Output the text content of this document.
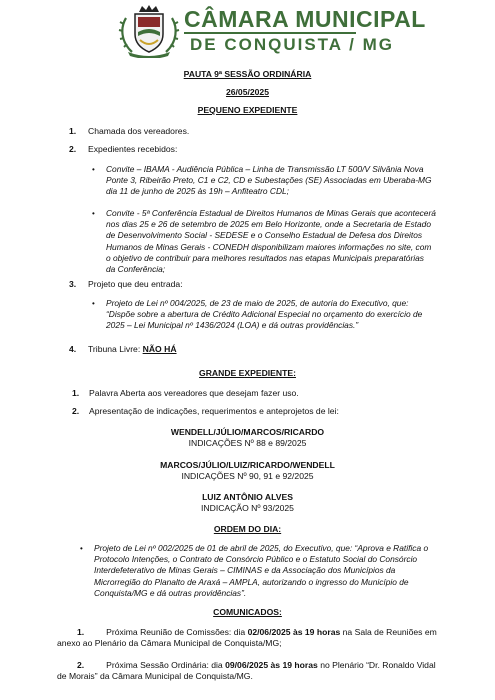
CÂMARA MUNICIPAL
DE CONQUISTA / MG
PAUTA 9ª SESSÃO ORDINÁRIA
26/05/2025
PEQUENO EXPEDIENTE
1. Chamada dos vereadores.
2. Expedientes recebidos:
• Convite – IBAMA - Audiência Pública – Linha de Transmissão LT 500/V Silvânia Nova
Ponte 3, Ribeirão Preto, C1 e C2, CD e Subestações (SE) Associadas em Uberaba-MG
dia 11 de junho de 2025 às 19h – Anfiteatro CDL;
• Convite - 5ª Conferência Estadual de Direitos Humanos de Minas Gerais que acontecerá
nos dias 25 e 26 de setembro de 2025 em Belo Horizonte, onde a Secretaria de Estado
de Desenvolvimento Social - SEDESE e o Conselho Estadual de Defesa dos Direitos
Humanos de Minas Gerais - CONEDH disponibilizam maiores informações no site, com
o objetivo de contribuir para melhores resultados nas etapas Municipais preparatórias
da Conferência;
3. Projeto que deu entrada:
• Projeto de Lei nº 004/2025, de 23 de maio de 2025, de autoria do Executivo, que:
“Dispõe sobre a abertura de Crédito Adicional Especial no orçamento do exercício de
2025 – Lei Municipal nº 1436/2024 (LOA) e dá outras providências.”
4. Tribuna Livre: NÃO HÁ
GRANDE EXPEDIENTE:
1. Palavra Aberta aos vereadores que desejam fazer uso.
2. Apresentação de indicações, requerimentos e anteprojetos de lei:
WENDELL/JÚLIO/MARCOS/RICARDO
INDICAÇÕES Nº 88 e 89/2025
MARCOS/JÚLIO/LUIZ/RICARDO/WENDELL
INDICAÇÕES Nº 90, 91 e 92/2025
LUIZ ANTÔNIO ALVES
INDICAÇÃO Nº 93/2025
ORDEM DO DIA:
• Projeto de Lei nº 002/2025 de 01 de abril de 2025, do Executivo, que: “Aprova e Ratifica o
Protocolo Intenções, o Contrato de Consórcio Público e o Estatuto Social do Consórcio
Interdefeterativo de Minas Gerais – CIMINAS e da Associação dos Municípios da
Microrregião do Planalto de Araxá – AMPLA, autorizando o ingresso do Município de
Conquista/MG e dá outras providências”.
COMUNICADOS:
1.	Próxima Reunião de Comissões: dia 02/06/2025 às 19 horas na Sala de Reuniões em
anexo ao Plenário da Câmara Municipal de Conquista/MG;
2.	Próxima Sessão Ordinária: dia 09/06/2025 às 19 horas no Plenário “Dr. Ronaldo Vidal
de Morais” da Câmara Municipal de Conquista/MG.
